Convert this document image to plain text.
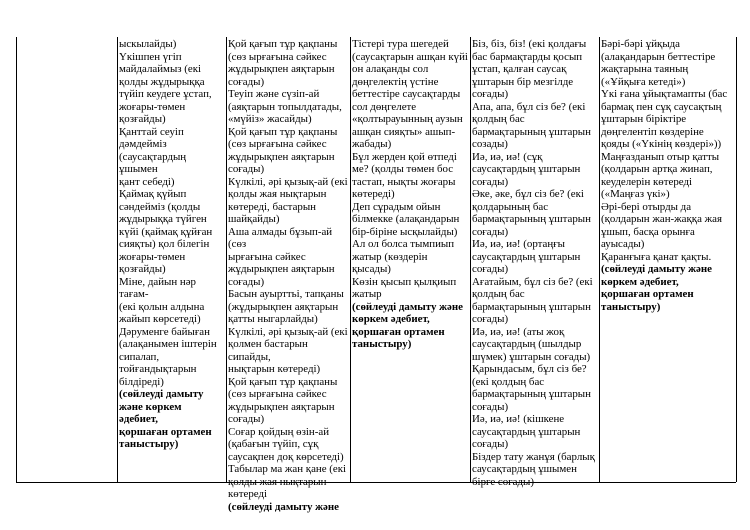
ыскылайды)

Үкішпен үгіп

майдалаймыз (екі

қолды жұдырыққа

түйіп кеудеге ұстап,

жоғары-төмен

қозғайды)

Қанттай сеуіп

дәмдейміз

(саусақтардың ұшымен

қант себеді)

Қаймақ қүйып

сәндейміз (қолды

жұдырыққа түйген

күйі (қаймақ құйған

сияқты) қол білегін

жоғары-төмен

қозғайды)

Міне, дайын нәр тағам-

(екі қолын алдына

жайып көрсетеді)

Дәруменге байыған

(алақанымен іштерін

сипалап,

тойғандықтарын

білдіреді)

(сөйлеуді дамыту

және көркем

әдебиет,

қоршаған ортамен

таныстыру)

Қой қағып тұр қақпаны

(сөз ырғағына сәйкес

жұдырықпен аяқтарын

соғады)

Теуіп және сүзіп-ай

(аяқтарын топылдатады,

«мүйіз» жасайды)

Қой қағып тұр қақпаны

(сөз ырғағына сәйкес

жұдырықпен аяқтарын

соғады)

Күлкілі, әрі қызық-ай (екі

қолды жая нықтарын

көтереді, бастарын

шайқайды)

Аша алмады бұзып-ай (сөз

ырғағына сәйкес

жұдырықпен аяқтарын

соғады)

Басын ауырттьі, тапқаны

(жұдырықпен аяқтарын

қатты ныгарлайды)

Күлкілі, әрі қызық-ай (екі

қолмен бастарын сипайды,

нықтарын көтереді)

Қой қағып тұр қақпаны

(сөз ырғағына сәйкес

жұдырықпен аяқтарын

соғады)

Соғар қойдың өзін-ай

(қабағын түйіп, сұқ

саусақпен дoқ көрсетеді)

Табылар ма жан қане (екі

қолды жая нықтарын

көтереді

(сөйлеуді дамыту және

Тістері тура шегедей

(саусақтарын ашқан күйі

он алақанды сол

дөңгелектің үстіне

беттестіре саусақтарды

сол дөңгелете

«қолтырауынның аузын

ашқан сияқты» ашып-

жабады)

Бұл жерден қой өтпеді

ме? (қолды төмен бос

тастап, нықты жоғары

көтереді)

Деп сұрадым ойын

білмекке (алақандарын

бір-біріне ысқылайды)

Ал ол болса тымпиып

жатыр (көздерін қысады)

Көзін қысып қылқиып

жатыр

(сөйлеуді дамыту және

көркем әдебиет,

қоршаған ортамен

таныстыру)

Біз, біз, біз! (екі қолдағы

бас бармақтарды қосып

ұстап, қалған саусақ

ұштарын бір мезгілде

соғады)

Апа, апа, бұл сіз бе? (екі

қолдың бас

бармақтарының ұштарын

созады)

Иә, иә, иә! (сұқ

саусақтардың ұштарын

соғады)

Әке, әке, бұл сіз бе? (екі

қолдарының бас

бармақтарының ұштарын

соғады)

Иә, иә, иә! (ортаңғы

саусақтардың ұштарын

соғады)

Ағатайым, бұл сіз бе? (екі

қолдың бас

бармақтарының ұштарын

соғады)

Иә, иә, иә! (аты жоқ

саусақтардың (шылдыр

шүмек) ұштарын соғады)

Қарындасым, бұл сіз бе?

(екі қолдың бас

бармақтарының ұштарын

соғады)

Иә, иә, иә! (кішкене

саусақтардың ұштарын

соғады)

Біздер тату жанұя (барлық

саусақтардың ұшымен

бірге соғады)

Бәрі-бәрі ұйқыда

(алақандарын беттестіре

жақтарына таяның

(«Ұйқыға кетеді»)

Үкі ғана ұйықтамапты (бас

бармақ пен сұқ саусақтың

ұштарын біріктіре

дөңгелентіп көздеріне

қояды («Үкінің көздері»))

Маңғазданып отыр қатты

(қолдарын артқа жинап,

кеуделерін көтереді

(«Маңғаз үкі»)

Әрі-бері отырды да

(қолдарын жан-жаққа жая

ұшып, басқа орынға

ауысады)

Қаранғыға қанат қақты.

(сөйлеуді дамыту және

көркем әдебиет,

қоршаған ортамен

таныстыру)
